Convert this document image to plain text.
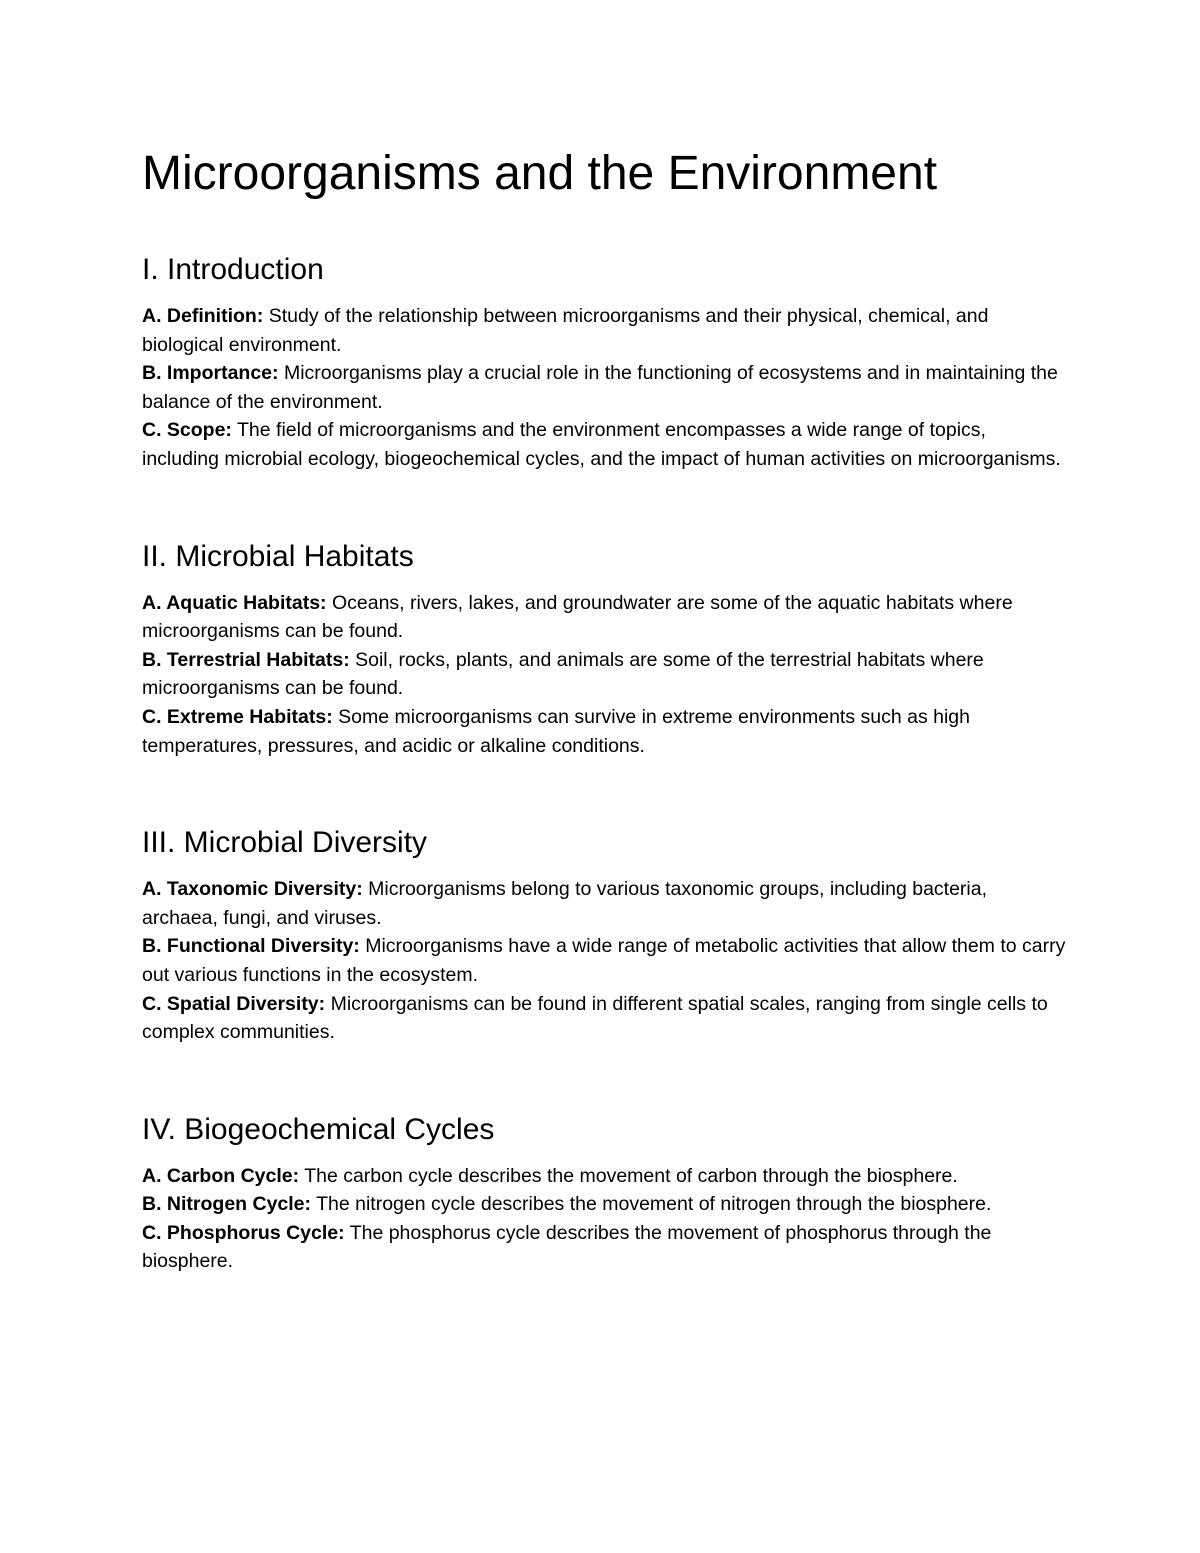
Microorganisms and the Environment
I. Introduction

A. Definition: Study of the relationship between microorganisms and their physical, chemical, and biological environment.

B. Importance: Microorganisms play a crucial role in the functioning of ecosystems and in maintaining the balance of the environment.

C. Scope: The field of microorganisms and the environment encompasses a wide range of topics, including microbial ecology, biogeochemical cycles, and the impact of human activities on microorganisms.

II. Microbial Habitats

A. Aquatic Habitats: Oceans, rivers, lakes, and groundwater are some of the aquatic habitats where microorganisms can be found.

B. Terrestrial Habitats: Soil, rocks, plants, and animals are some of the terrestrial habitats where microorganisms can be found.

C. Extreme Habitats: Some microorganisms can survive in extreme environments such as high temperatures, pressures, and acidic or alkaline conditions.

III. Microbial Diversity

A. Taxonomic Diversity: Microorganisms belong to various taxonomic groups, including bacteria, archaea, fungi, and viruses.

B. Functional Diversity: Microorganisms have a wide range of metabolic activities that allow them to carry out various functions in the ecosystem.

C. Spatial Diversity: Microorganisms can be found in different spatial scales, ranging from single cells to complex communities.

IV. Biogeochemical Cycles

A. Carbon Cycle: The carbon cycle describes the movement of carbon through the biosphere.

B. Nitrogen Cycle: The nitrogen cycle describes the movement of nitrogen through the biosphere.

C. Phosphorus Cycle: The phosphorus cycle describes the movement of phosphorus through the biosphere.
